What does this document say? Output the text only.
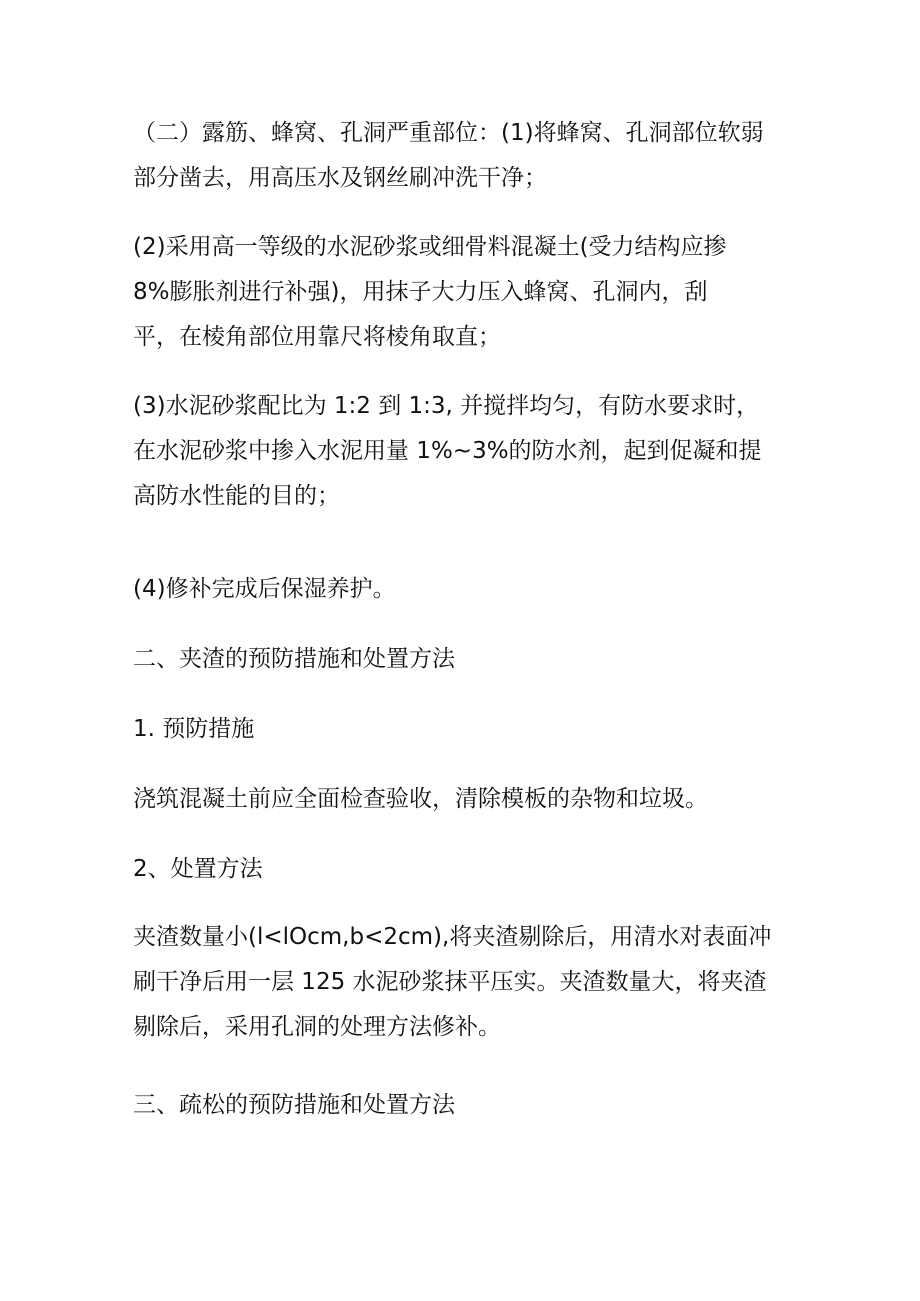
（二）露筋、蜂窝、孔洞严重部位：(1)将蜂窝、孔洞部位软弱
部分凿去，用高压水及钢丝刷冲洗干净；
(2)采用高一等级的水泥砂浆或细骨料混凝土(受力结构应掺
8%膨胀剂进行补强)，用抹子大力压入蜂窝、孔洞内，刮
平，在棱角部位用靠尺将棱角取直；
(3)水泥砂浆配比为 1:2 到 1:3, 并搅拌均匀，有防水要求时，
在水泥砂浆中掺入水泥用量 1%~3%的防水剂，起到促凝和提
高防水性能的目的；
(4)修补完成后保湿养护。
二、夹渣的预防措施和处置方法
1. 预防措施
浇筑混凝土前应全面检查验收，清除模板的杂物和垃圾。
2、处置方法
夹渣数量小(l<lOcm,b<2cm),将夹渣剔除后，用清水对表面冲
刷干净后用一层 125 水泥砂浆抹平压实。夹渣数量大，将夹渣
剔除后，采用孔洞的处理方法修补。
三、疏松的预防措施和处置方法
